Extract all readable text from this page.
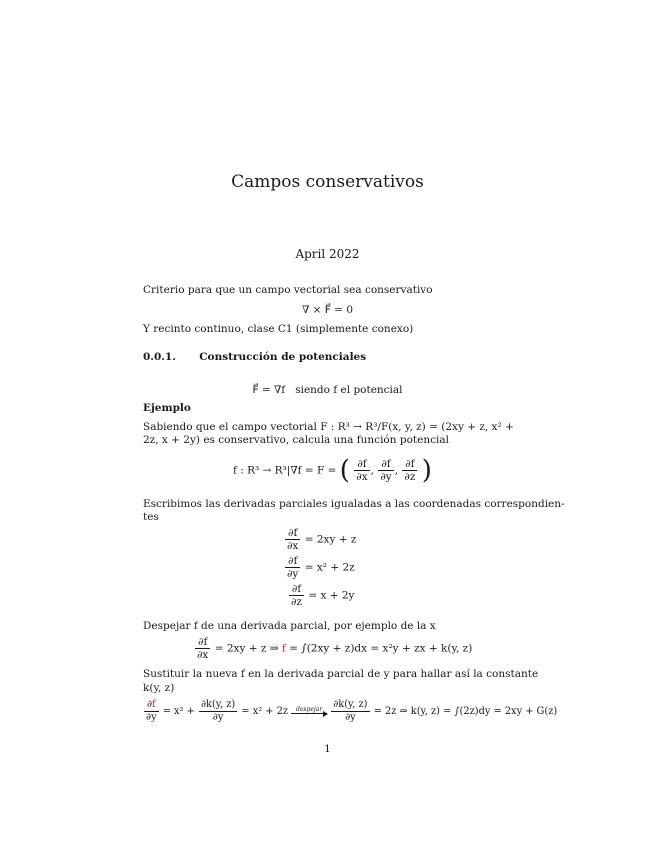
Campos conservativos
April 2022
Criterio para que un campo vectorial sea conservativo
∇ × F⃗ = 0
Y recinto continuo, clase C1 (simplemente conexo)
0.0.1. Construcción de potenciales
F⃗ = ∇f siendo f el potencial
Ejemplo
Sabiendo que el campo vectorial F : R³ → R³/F(x, y, z) = (2xy + z, x² +
2z, x + 2y) es conservativo, calcula una función potencial
f : R³ → R³|∇f = F = ( $\frac{\partial f}{\partial x}$ , $\frac{\partial f}{\partial y}$ , $\frac{\partial f}{\partial z}$ )
Escribimos las derivadas parciales igualadas a las coordenadas correspondien-
tes
$\frac{\partial f}{\partial x} = 2xy + z$
$\frac{\partial f}{\partial y} = x^2 + 2z$
$\frac{\partial f}{\partial z} = x + 2y$
Despejar f de una derivada parcial, por ejemplo de la x
$\frac{\partial f}{\partial x} = 2xy + z$ ⇒ f = ∫(2xy + z)dx = x²y + zx + k(y, z)
Sustituir la nueva f en la derivada parcial de y para hallar así la constante
k(y, z)
$\frac{\partial f}{\partial y} = x^2 + \frac{\partial k(y, z)}{\partial y} = x^2 + 2z$ despejar
$\frac{\partial k(y, z)}{\partial y} = 2z$ ⇒ k(y, z) = ∫(2z)dy = 2xy + G(z)
1
